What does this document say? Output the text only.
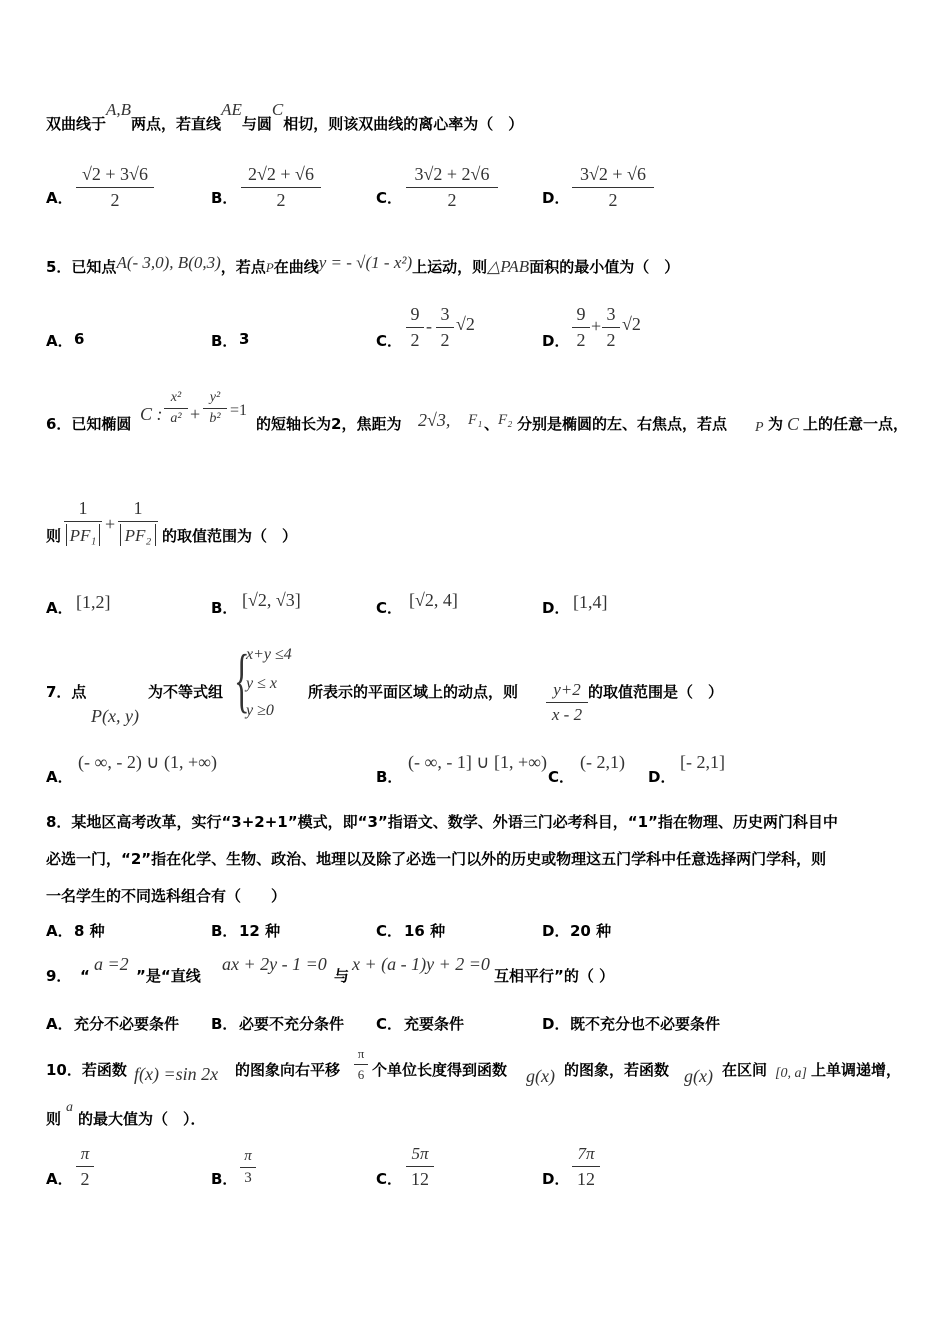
双曲线于A,B两点，若直线AE与圆C相切，则该双曲线的离心率为（　）
A． $\frac{√2 + 3√6}{2}$	B． $\frac{2√2 + √6}{2}$	C． $\frac{3√2 + 2√6}{2}$	D． $\frac{3√2 + √6}{2}$
5．已知点A(- 3,0), B(0,3)，若点P在曲线y = - √(1 - x²)上运动，则△PAB面积的最小值为（　）
A． 6	B． 3	C． $\frac{9}{2} - \frac{3}{2} √2$
D． $\frac{9}{2} + \frac{3}{2} √2$
6．已知椭圆 C : $\frac{\text{x²}}{\text{a²}} + \frac{\text{y²}}{\text{b²}} =1$
的短轴长为2，焦距为 2√3, F₁ 、
F₂ 分别是椭圆的左、右焦点，若点 P 为 C 上的任意一点，
则 $\frac{1}{\text{PF₁}} + \frac{1}{\text{PF₂}}$ 的取值范围为（　）
A． [1,2]	B． [√2, √3]	C． [√2, 4]	D． [1,4]
7．点
P(x, y)
为不等式组 {
x+y ≤4
y ≤ x
y ≥0
所表示的平面区域上的动点，则 $\frac{y+2}{x - 2}$ 的取值范围是（　）
A．
(- ∞, - 2) ∪ (1, +∞)
B．
(- ∞, - 1] ∪ [1, +∞)
C．
(- 2,1)
D．
[- 2,1]
8．某地区高考改革，实行“3+2+1”模式，即“3”指语文、数学、外语三门必考科目，“1”指在物理、历史两门科目中
必选一门，“2”指在化学、生物、政治、地理以及除了必选一门以外的历史或物理这五门学科中任意选择两门学科，则
一名学生的不同选科组合有（　　）
A． 8 种	B． 12 种	C． 16 种	D． 20 种
9． “
a =2
”是“直线
ax + 2y - 1 =0
与
x + (a - 1)y + 2 =0
互相平行”的（ ）
A． 充分不必要条件 B． 必要不充分条件 C． 充要条件	D． 既不充分也不必要条件
10．若函数 f(x) =sin 2x 的图象向右平移 $\frac{\pi}{6}$ 个单位长度得到函数 g(x) 的图象，若函数 g(x) 在区间 [0, a] 上单调递增，
则
a
的最大值为（　）．
A． $\frac{\pi}{2}$	B． $\frac{\pi}{3}$	C． $\frac{5\pi}{12}$	D． $\frac{7\pi}{12}$
